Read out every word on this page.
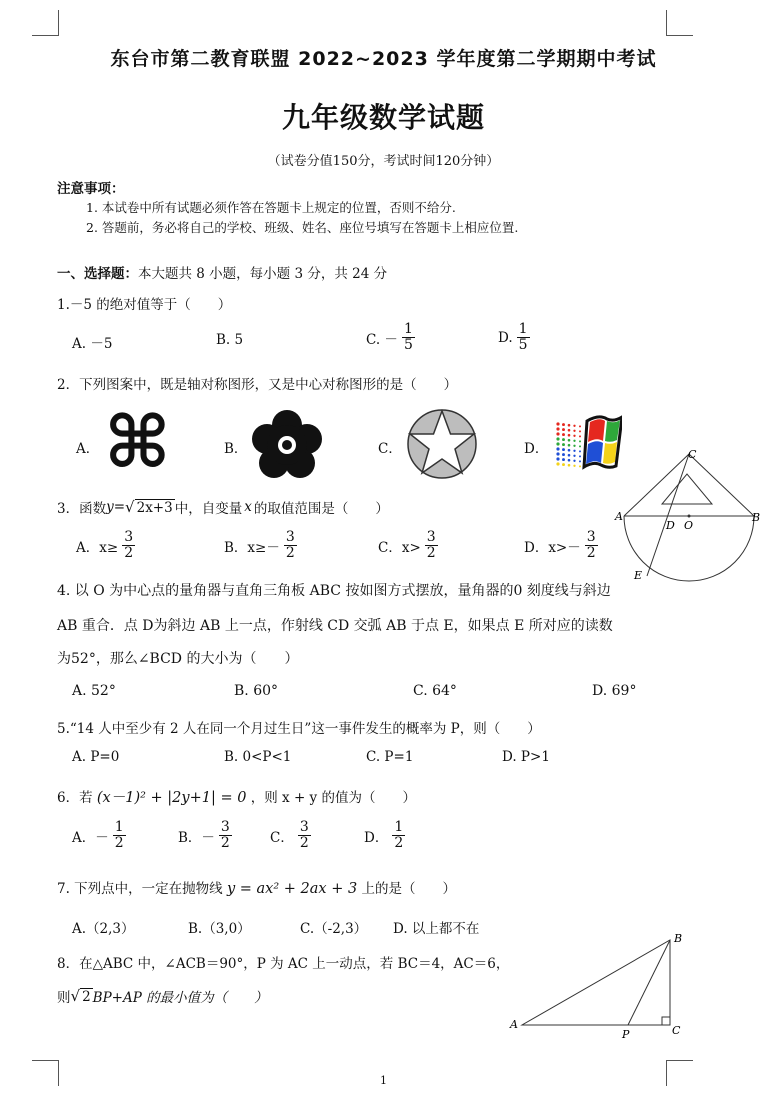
东台市第二教育联盟 2022~2023 学年度第二学期期中考试
九年级数学试题
（试卷分值150分，考试时间120分钟）
注意事项：
1. 本试卷中所有试题必须作答在答题卡上规定的位置，否则不给分.
2. 答题前，务必将自己的学校、班级、姓名、座位号填写在答题卡上相应位置.
一、选择题：本大题共 8 小题，每小题 3 分，共 24 分
1.－5 的绝对值等于（　　）
A. －5	B. 5	C. － $\frac{1}{5}$	D. $\frac{1}{5}$
2．下列图案中，既是轴对称图形，又是中心对称图形的是（　　）
A． ⌘	B．	C．	D．	C
A	B
D O
E
3．函数 y = √ 2x+3 中，自变量 x 的取值范围是（　　）
A．$x\ge \frac{3}{2}$	B．$x\ge- \frac{3}{2}$	C．$x> \frac{3}{2}$	D．$x>- \frac{3}{2}$
4. 以 O 为中心点的量角器与直角三角板 ABC 按如图方式摆放，量角器的0 刻度线与斜边
AB 重合．点 D为斜边 AB 上一点，作射线 CD 交弧 AB 于点 E，如果点 E 所对应的读数
为52°，那么∠BCD 的大小为（　　）
A. 52°	B. 60°	C. 64°	D. 69°
5.“14 人中至少有 2 人在同一个月过生日”这一事件发生的概率为 P，则（　　）
A. P=0	B. 0<P<1	C. P=1	D. P>1
6．若 (x－1)² + |2y+1| = 0 ，则 x + y 的值为（　　）
A．－ $\frac{1}{2}$	B．－ $\frac{3}{2}$	C． $\frac{3}{2}$	D． $\frac{1}{2}$
7. 下列点中，一定在抛物线 y = ax² + 2ax + 3 上的是（　　）
A.（2,3）	B.（3,0）	C.（-2,3） D. 以上都不在
8．在△ABC 中，∠ACB＝90°，P 为 AC 上一动点，若 BC＝4，AC＝6，
则 √ 2 BP+AP 的最小值为（　　）
A
B
C
P
1
